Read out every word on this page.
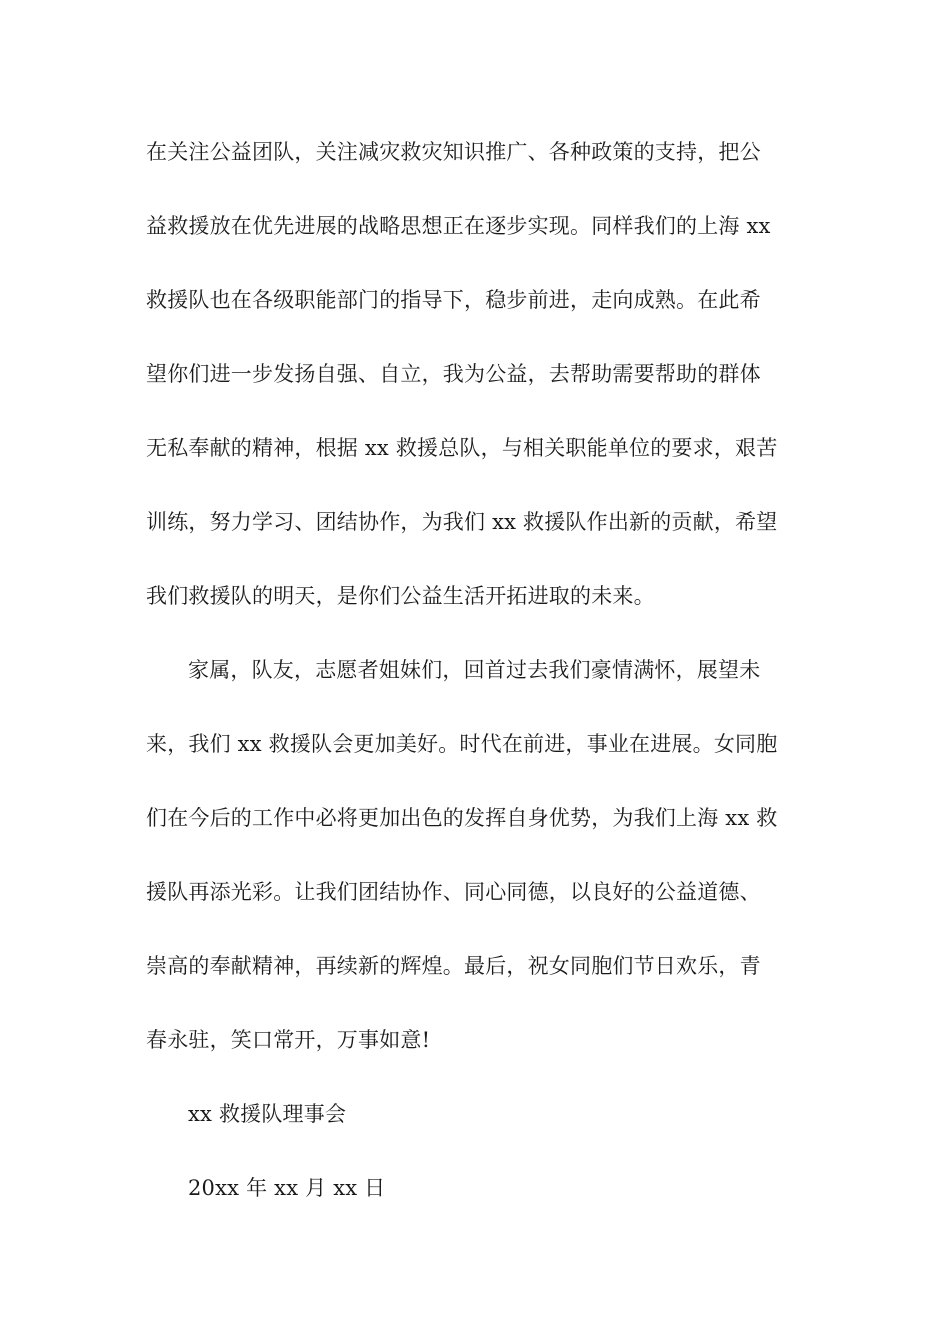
在关注公益团队，关注减灾救灾知识推广、各种政策的支持，把公
益救援放在优先进展的战略思想正在逐步实现。同样我们的上海 xx
救援队也在各级职能部门的指导下，稳步前进，走向成熟。在此希
望你们进一步发扬自强、自立，我为公益，去帮助需要帮助的群体
无私奉献的精神，根据 xx 救援总队，与相关职能单位的要求，艰苦
训练，努力学习、团结协作，为我们 xx 救援队作出新的贡献，希望
我们救援队的明天，是你们公益生活开拓进取的未来。
家属，队友，志愿者姐妹们，回首过去我们豪情满怀，展望未
来，我们 xx 救援队会更加美好。时代在前进，事业在进展。女同胞
们在今后的工作中必将更加出色的发挥自身优势，为我们上海 xx 救
援队再添光彩。让我们团结协作、同心同德，以良好的公益道德、
崇高的奉献精神，再续新的辉煌。最后，祝女同胞们节日欢乐，青
春永驻，笑口常开，万事如意!
xx 救援队理事会
20xx 年 xx 月 xx 日
